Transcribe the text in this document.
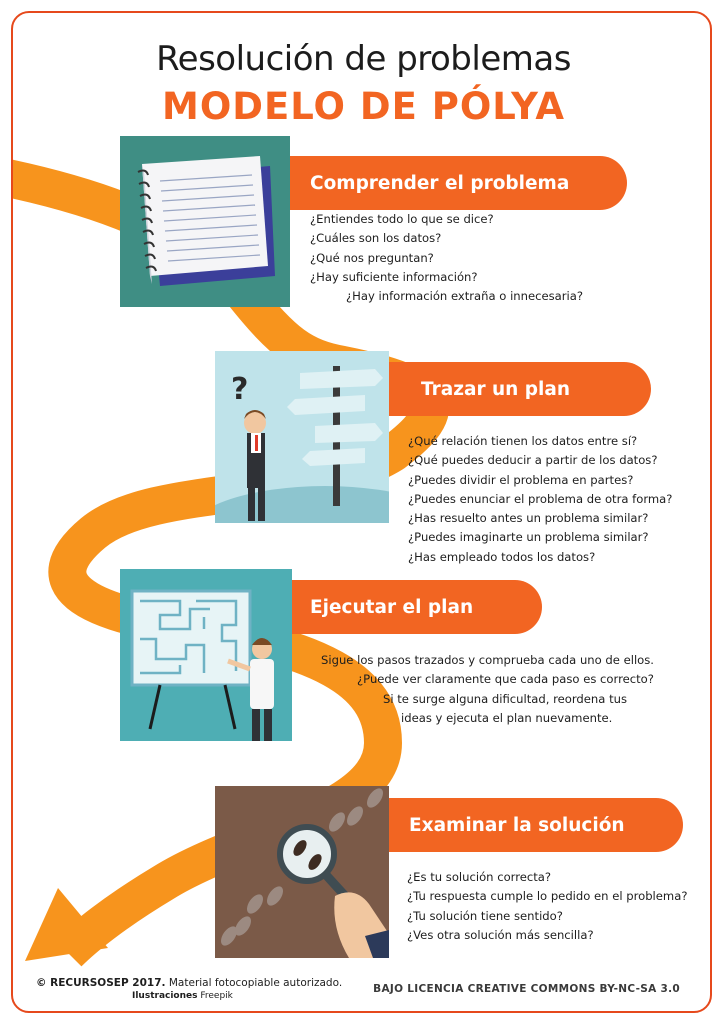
Resolución de problemas
MODELO DE PÓLYA
Comprender el problema
¿Entiendes todo lo que se dice?
¿Cuáles son los datos?
¿Qué nos preguntan?
¿Hay suficiente información?
¿Hay información extraña o innecesaria?
?	Trazar un plan
¿Qué relación tienen los datos entre sí?
¿Qué puedes deducir a partir de los datos?
¿Puedes dividir el problema en partes?
¿Puedes enunciar el problema de otra forma?
¿Has resuelto antes un problema similar?
¿Puedes imaginarte un problema similar?
¿Has empleado todos los datos?
Ejecutar el plan
Sigue los pasos trazados y comprueba cada uno de ellos.
¿Puede ver claramente que cada paso es correcto?
Si te surge alguna dificultad, reordena tus
ideas y ejecuta el plan nuevamente.
Examinar la solución
¿Es tu solución correcta?
¿Tu respuesta cumple lo pedido en el problema?
¿Tu solución tiene sentido?
¿Ves otra solución más sencilla?
© RECURSOSEP 2017. Material fotocopiable autorizado.
Ilustraciones Freepik
BAJO LICENCIA CREATIVE COMMONS BY-NC-SA 3.0
